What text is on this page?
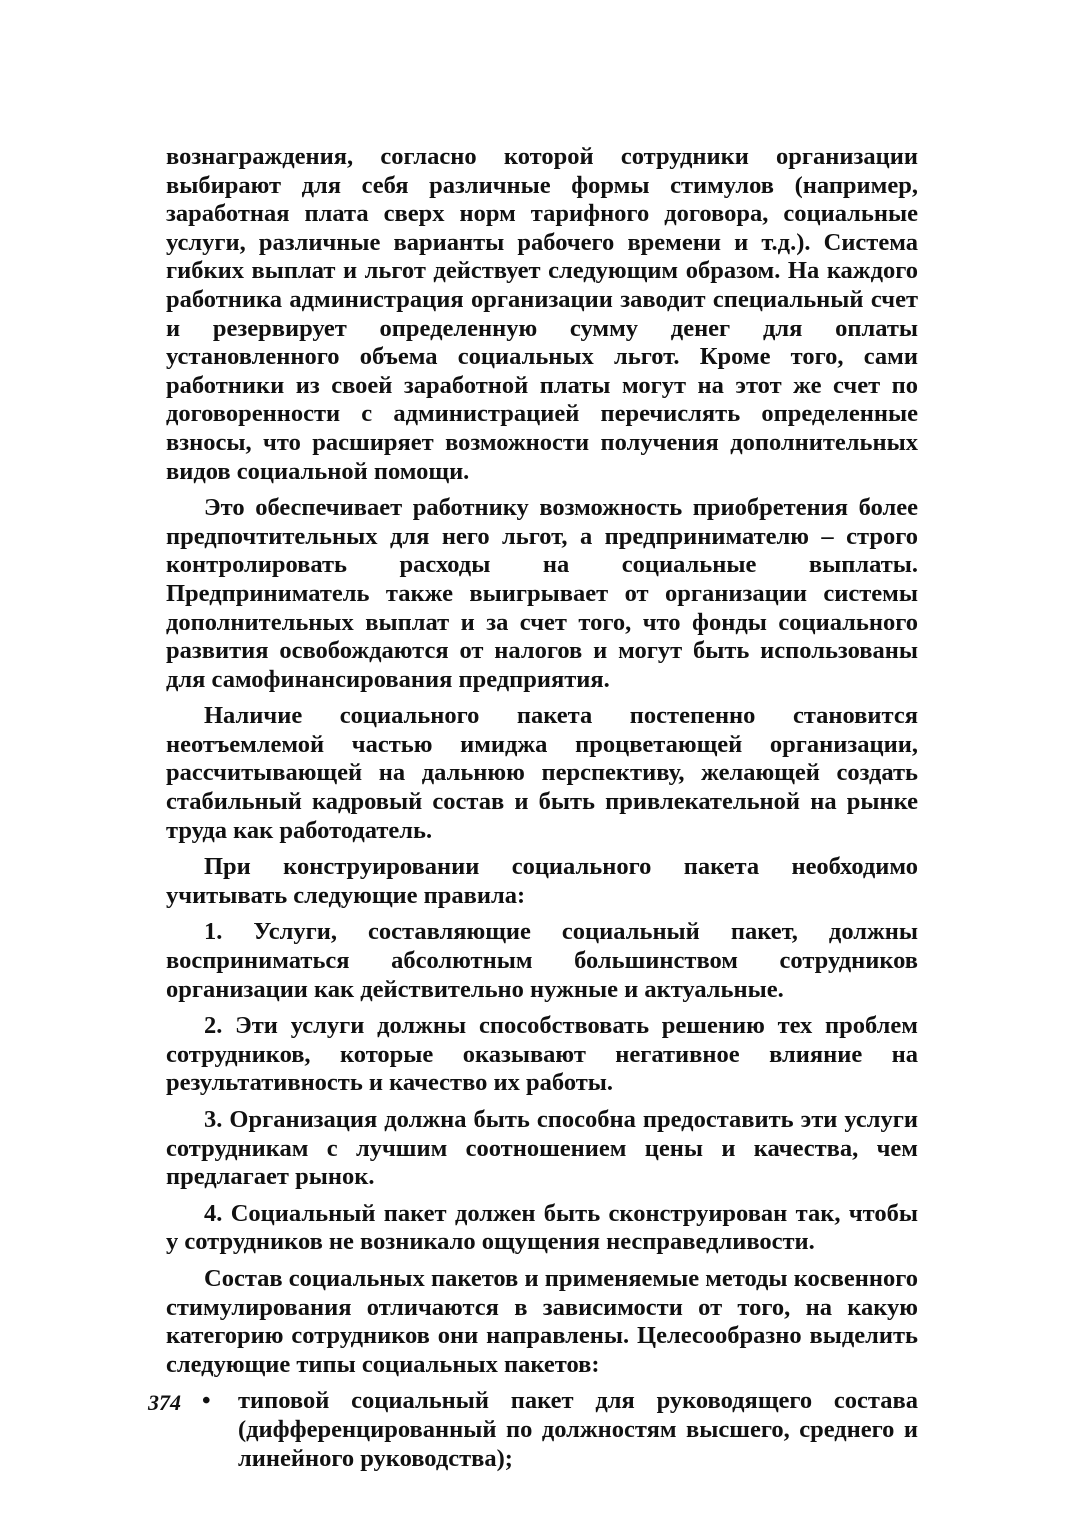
вознаграждения, согласно которой сотрудники организации выбирают для себя различные формы стимулов (например, заработная плата сверх норм тарифного договора, социальные услуги, различные варианты рабочего времени и т.д.). Система гибких выплат и льгот действует следующим образом. На каждого работника администрация организации заводит специальный счет и резервирует определенную сумму денег для оплаты установленного объема социальных льгот. Кроме того, сами работники из своей заработной платы могут на этот же счет по договоренности с администрацией перечислять определенные взносы, что расширяет возможности получения дополнительных видов социальной помощи.

Это обеспечивает работнику возможность приобретения более предпочтительных для него льгот, а предпринимателю – строго контролировать расходы на социальные выплаты. Предприниматель также выигрывает от организации системы дополнительных выплат и за счет того, что фонды социального развития освобождаются от налогов и могут быть использованы для самофинансирования предприятия.

Наличие социального пакета постепенно становится неотъемлемой частью имиджа процветающей организации, рассчитывающей на дальнюю перспективу, желающей создать стабильный кадровый состав и быть привлекательной на рынке труда как работодатель.

При конструировании социального пакета необходимо учитывать следующие правила:

1. Услуги, составляющие социальный пакет, должны восприниматься абсолютным большинством сотрудников организации как действительно нужные и актуальные.

2. Эти услуги должны способствовать решению тех проблем сотрудников, которые оказывают негативное влияние на результативность и качество их работы.

3. Организация должна быть способна предоставить эти услуги сотрудникам с лучшим соотношением цены и качества, чем предлагает рынок.

4. Социальный пакет должен быть сконструирован так, чтобы у сотрудников не возникало ощущения несправедливости.

Состав социальных пакетов и применяемые методы косвенного стимулирования отличаются в зависимости от того, на какую категорию сотрудников они направлены. Целесообразно выделить следующие типы социальных пакетов:

• типовой социальный пакет для руководящего состава (дифференцированный по должностям высшего, среднего и линейного руководства);
374
